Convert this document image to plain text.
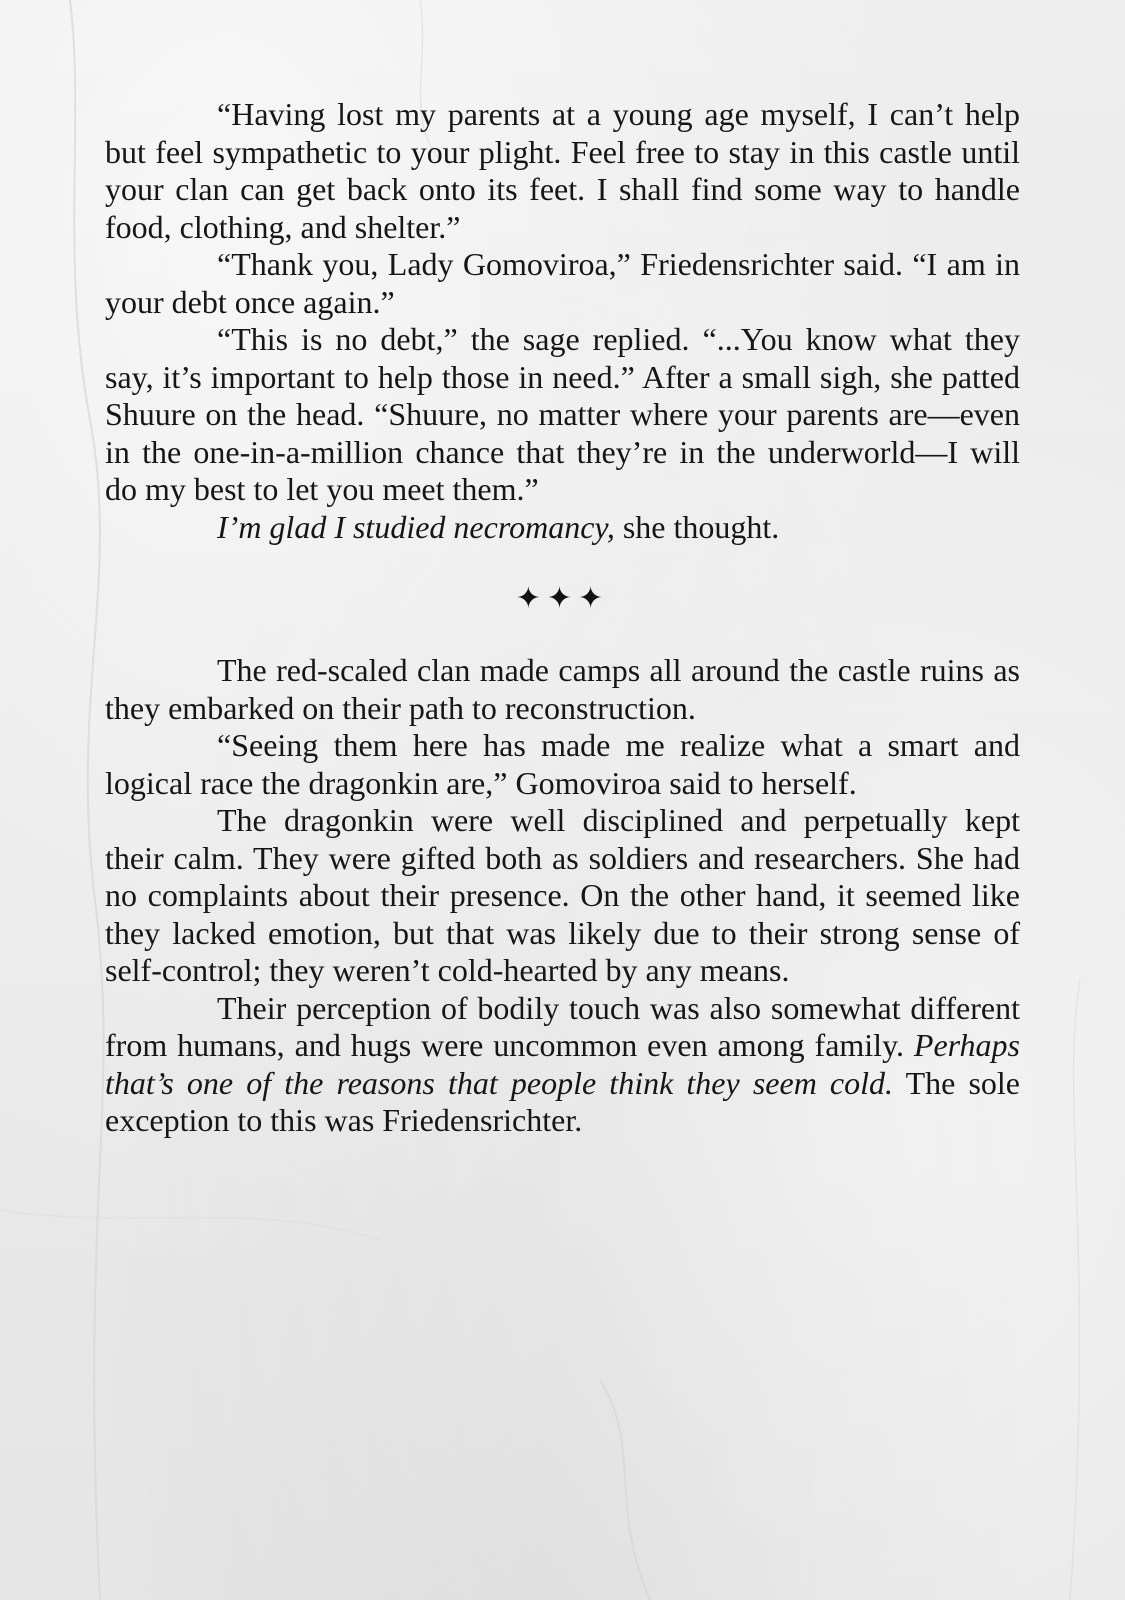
“Having lost my parents at a young age myself, I can’t help but feel sympathetic to your plight. Feel free to stay in this castle until your clan can get back onto its feet. I shall find some way to handle food, clothing, and shelter.”

“Thank you, Lady Gomoviroa,” Friedensrichter said. “I am in your debt once again.”

“This is no debt,” the sage replied. “...You know what they say, it’s important to help those in need.” After a small sigh, she patted Shuure on the head. “Shuure, no matter where your parents are—even in the one-in-a-million chance that they’re in the underworld—I will do my best to let you meet them.”

I’m glad I studied necromancy, she thought.

✦✦✦

The red-scaled clan made camps all around the castle ruins as they embarked on their path to reconstruction.

“Seeing them here has made me realize what a smart and logical race the dragonkin are,” Gomoviroa said to herself.

The dragonkin were well disciplined and perpetually kept their calm. They were gifted both as soldiers and researchers. She had no complaints about their presence. On the other hand, it seemed like they lacked emotion, but that was likely due to their strong sense of self-control; they weren’t cold-hearted by any means.

Their perception of bodily touch was also somewhat different from humans, and hugs were uncommon even among family. Perhaps that’s one of the reasons that people think they seem cold. The sole exception to this was Friedensrichter.
